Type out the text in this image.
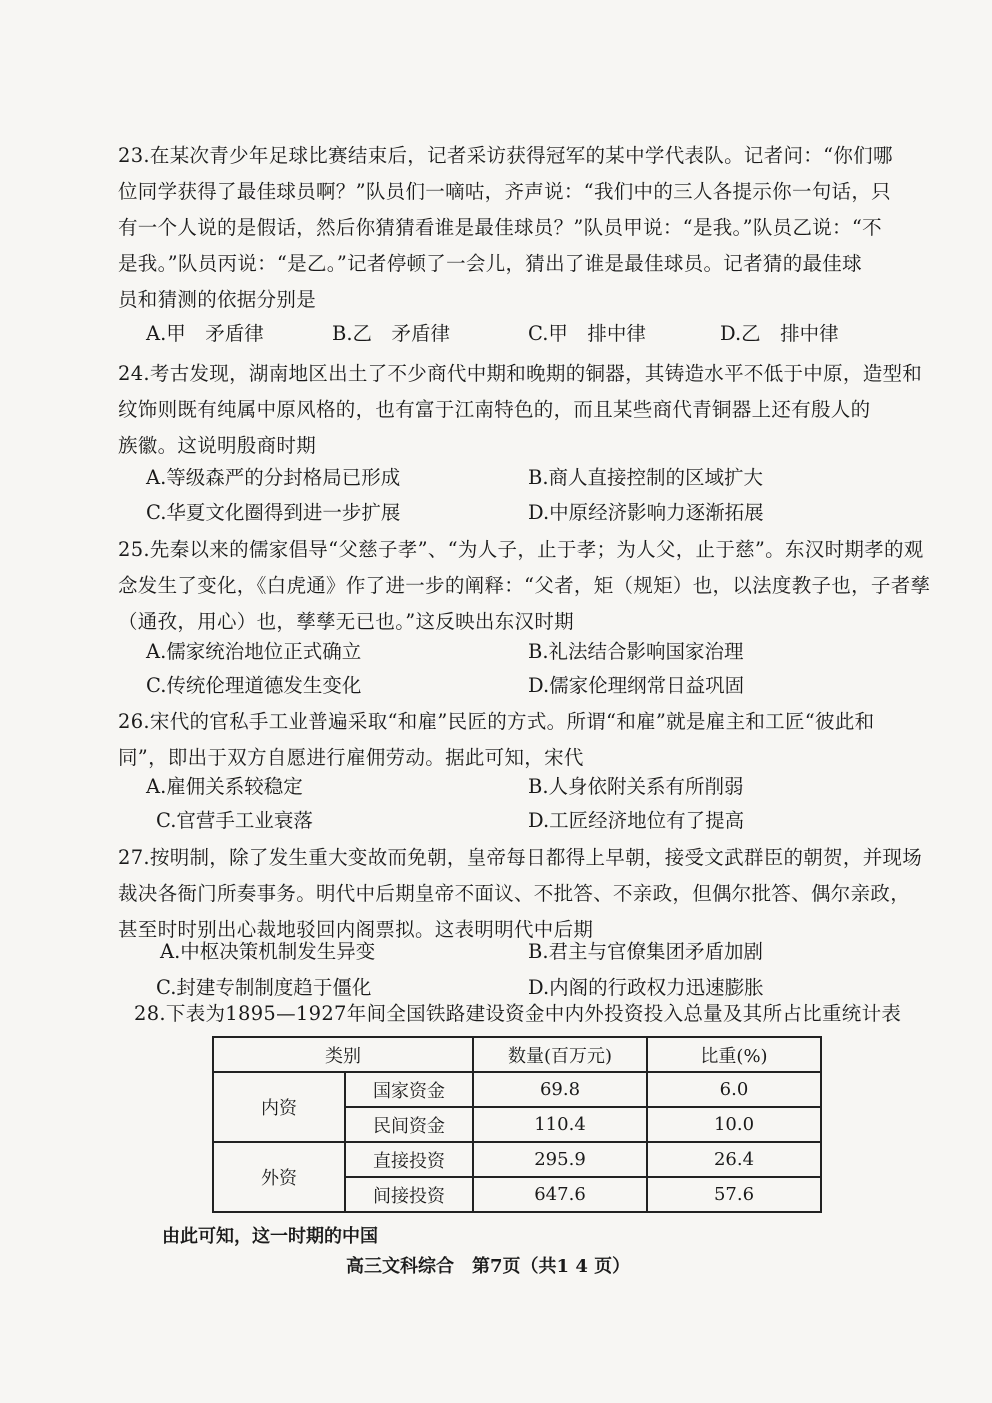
23.在某次青少年足球比赛结束后，记者采访获得冠军的某中学代表队。记者问：“你们哪
位同学获得了最佳球员啊？”队员们一嘀咕，齐声说：“我们中的三人各提示你一句话，只
有一个人说的是假话，然后你猜猜看谁是最佳球员？”队员甲说：“是我。”队员乙说：“不
是我。”队员丙说：“是乙。”记者停顿了一会儿，猜出了谁是最佳球员。记者猜的最佳球
员和猜测的依据分别是
A.甲　矛盾律	B.乙　矛盾律	C.甲　排中律	D.乙　排中律
24.考古发现，湖南地区出土了不少商代中期和晚期的铜器，其铸造水平不低于中原，造型和
纹饰则既有纯属中原风格的，也有富于江南特色的，而且某些商代青铜器上还有殷人的
族徽。这说明殷商时期
A.等级森严的分封格局已形成	B.商人直接控制的区域扩大
C.华夏文化圈得到进一步扩展	D.中原经济影响力逐渐拓展
25.先秦以来的儒家倡导“父慈子孝”、“为人子，止于孝；为人父，止于慈”。东汉时期孝的观
念发生了变化，《白虎通》作了进一步的阐释：“父者，矩（规矩）也，以法度教子也，子者孳
（通孜，用心）也，孳孳无已也。”这反映出东汉时期
A.儒家统治地位正式确立	B.礼法结合影响国家治理
C.传统伦理道德发生变化	D.儒家伦理纲常日益巩固
26.宋代的官私手工业普遍采取“和雇”民匠的方式。所谓“和雇”就是雇主和工匠“彼此和
同”，即出于双方自愿进行雇佣劳动。据此可知，宋代
A.雇佣关系较稳定	B.人身依附关系有所削弱
C.官营手工业衰落	D.工匠经济地位有了提高
27.按明制，除了发生重大变故而免朝，皇帝每日都得上早朝，接受文武群臣的朝贺，并现场
裁决各衙门所奏事务。明代中后期皇帝不面议、不批答、不亲政，但偶尔批答、偶尔亲政，
甚至时时别出心裁地驳回内阁票拟。这表明明代中后期
A.中枢决策机制发生异变	B.君主与官僚集团矛盾加剧
C.封建专制制度趋于僵化	D.内阁的行政权力迅速膨胀
28.下表为1895—1927年间全国铁路建设资金中内外投资投入总量及其所占比重统计表
类别		数量(百万元)	比重(%)
内资	国家资金	69.8	6.0
	民间资金	110.4	10.0
外资	直接投资	295.9	26.4
	间接投资	647.6	57.6
由此可知，这一时期的中国
高三文科综合　第7页（共1 4 页）
